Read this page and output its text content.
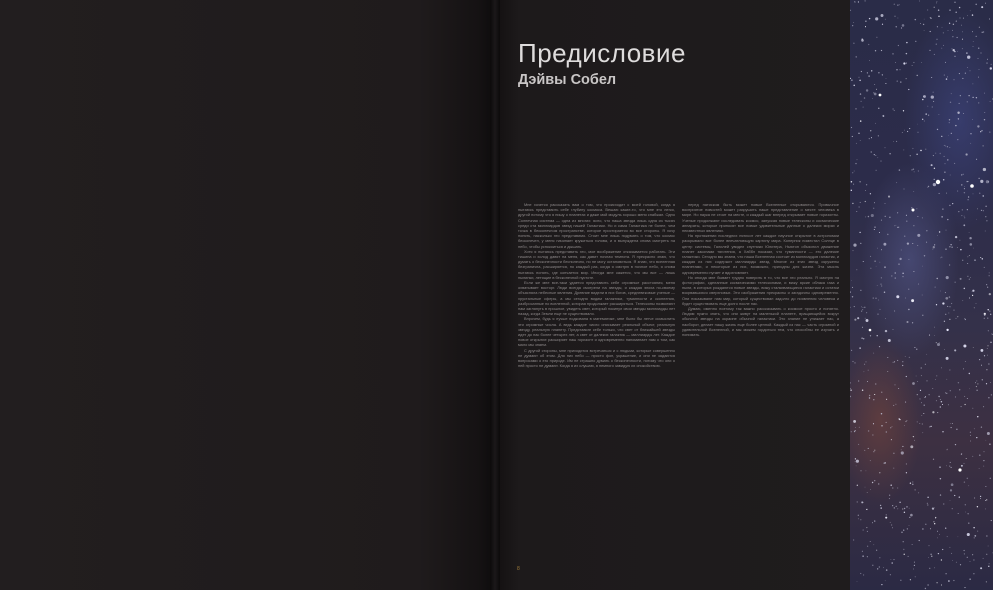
Предисловие
Дэйвы Собел

Мне хочется рассказать вам о том, что происходит с моей головой, когда я пытаюсь представить себе глубину космоса. Вешаю какие-то, что мне это легко, другой потому что я пишу о планетах и даже мой модуль хорошо меня снабжал. Одно Солнечная система — одна из многих: ясно, что наша звезда лишь одна из тысяч среди ста миллиардов звезд нашей Галактики. Но и сама Галактика не более, чем точка в бесконечном пространстве, которое простирается во все стороны. Я хочу понять, насколько это представимо. Стоит мне лишь подумать о том, что космос бесконечен, у меня начинает кружиться голова, и я вынуждена снова смотреть на небо, чтобы успокоиться и дышать.

Хотя я пытаюсь представить это, мое воображение отказывается работать. Эти тишина и холод давят на меня, как давит ночная темнота. Я прекрасно знаю, что думать о бесконечности бесполезно, но не могу остановиться. Я знаю, что вселенная безгранична, расширяется, но каждый раз, когда я смотрю в ночное небо, я снова пытаюсь понять, где кончается мир. Иногда мне кажется, что мы все — лишь пылинки, летящие в бесконечной пустоте.

Если же мне все-таки удается представить себе огромные расстояния, меня охватывает восторг. Люди всегда смотрели на звезды, и каждая эпоха по-своему объясняла небесные явления. Древние видели в них богов, средневековые ученые — хрустальные сферы, а мы сегодня видим галактики, туманности и скопления, разбросанные по вселенной, которая продолжает расширяться. Телескопы позволяют нам заглянуть в прошлое, увидеть свет, который покинул свои звезды миллиарды лет назад, когда Земли еще не существовало.

Впрочем, будь я лучше подкована в математике, мне было бы легче осмыслить эти огромные числа. А ведь каждое число описывает реальный объект, реальную звезду, реальную планету. Представьте себе только, что свет от ближайшей звезды идет до нас более четырех лет, а свет от далеких галактик — миллиарды лет. Каждое новое открытие расширяет наш горизонт и одновременно напоминает нам о том, как мало мы знаем.

С другой стороны, мне приходится встречаться и с людьми, которые совершенно не думают об этом. Для них небо — просто фон, украшение, и они не задаются вопросами о его природе. Им не страшно думать о бесконечности, потому что они о ней просто не думают. Когда я их слушаю, я немного завидую их спокойствию.

перед натиском быть может новые Вселенные открываются. Привычное восприятие новостей может разрушить наше представление о месте человека в мире. Но наука не стоит на месте, и каждый шаг вперед открывает новые горизонты. Ученые продолжают исследовать космос, запуская новые телескопы и космические аппараты, которые приносят все новые удивительные данные о далеких мирах и неизвестных явлениях.

На протяжении последних пятисот лет каждое научное открытие в астрономии раскрывало все более впечатляющую картину мира. Коперник поместил Солнце в центр системы, Галилей увидел спутники Юпитера, Ньютон объяснил движение планет законами тяготения, а Хаббл показал, что туманности — это далекие галактики. Сегодня мы знаем, что наша Вселенная состоит из миллиардов галактик, и каждая из них содержит миллиарды звезд. Многие из этих звезд окружены планетами, и некоторые из них, возможно, пригодны для жизни. Эта мысль одновременно пугает и вдохновляет.

Но иногда мне бывает трудно поверить в то, что все это реально. Я смотрю на фотографии, сделанные космическими телескопами, и вижу яркие облака газа и пыли, в которых рождаются новые звезды, вижу сталкивающиеся галактики и остатки взорвавшихся сверхновых. Эти изображения прекрасны и загадочны одновременно. Они показывают нам мир, который существовал задолго до появления человека и будет существовать еще долго после нас.

Думаю, именно поэтому так важно рассказывать о космосе просто и понятно. Людям нужно знать, что они живут на маленькой планете, вращающейся вокруг обычной звезды на окраине обычной галактики. Это знание не унижает нас, а наоборот, делает нашу жизнь еще более ценной. Каждый из нас — часть огромной и удивительной Вселенной, и мы можем гордиться тем, что способны ее изучать и понимать.

8
